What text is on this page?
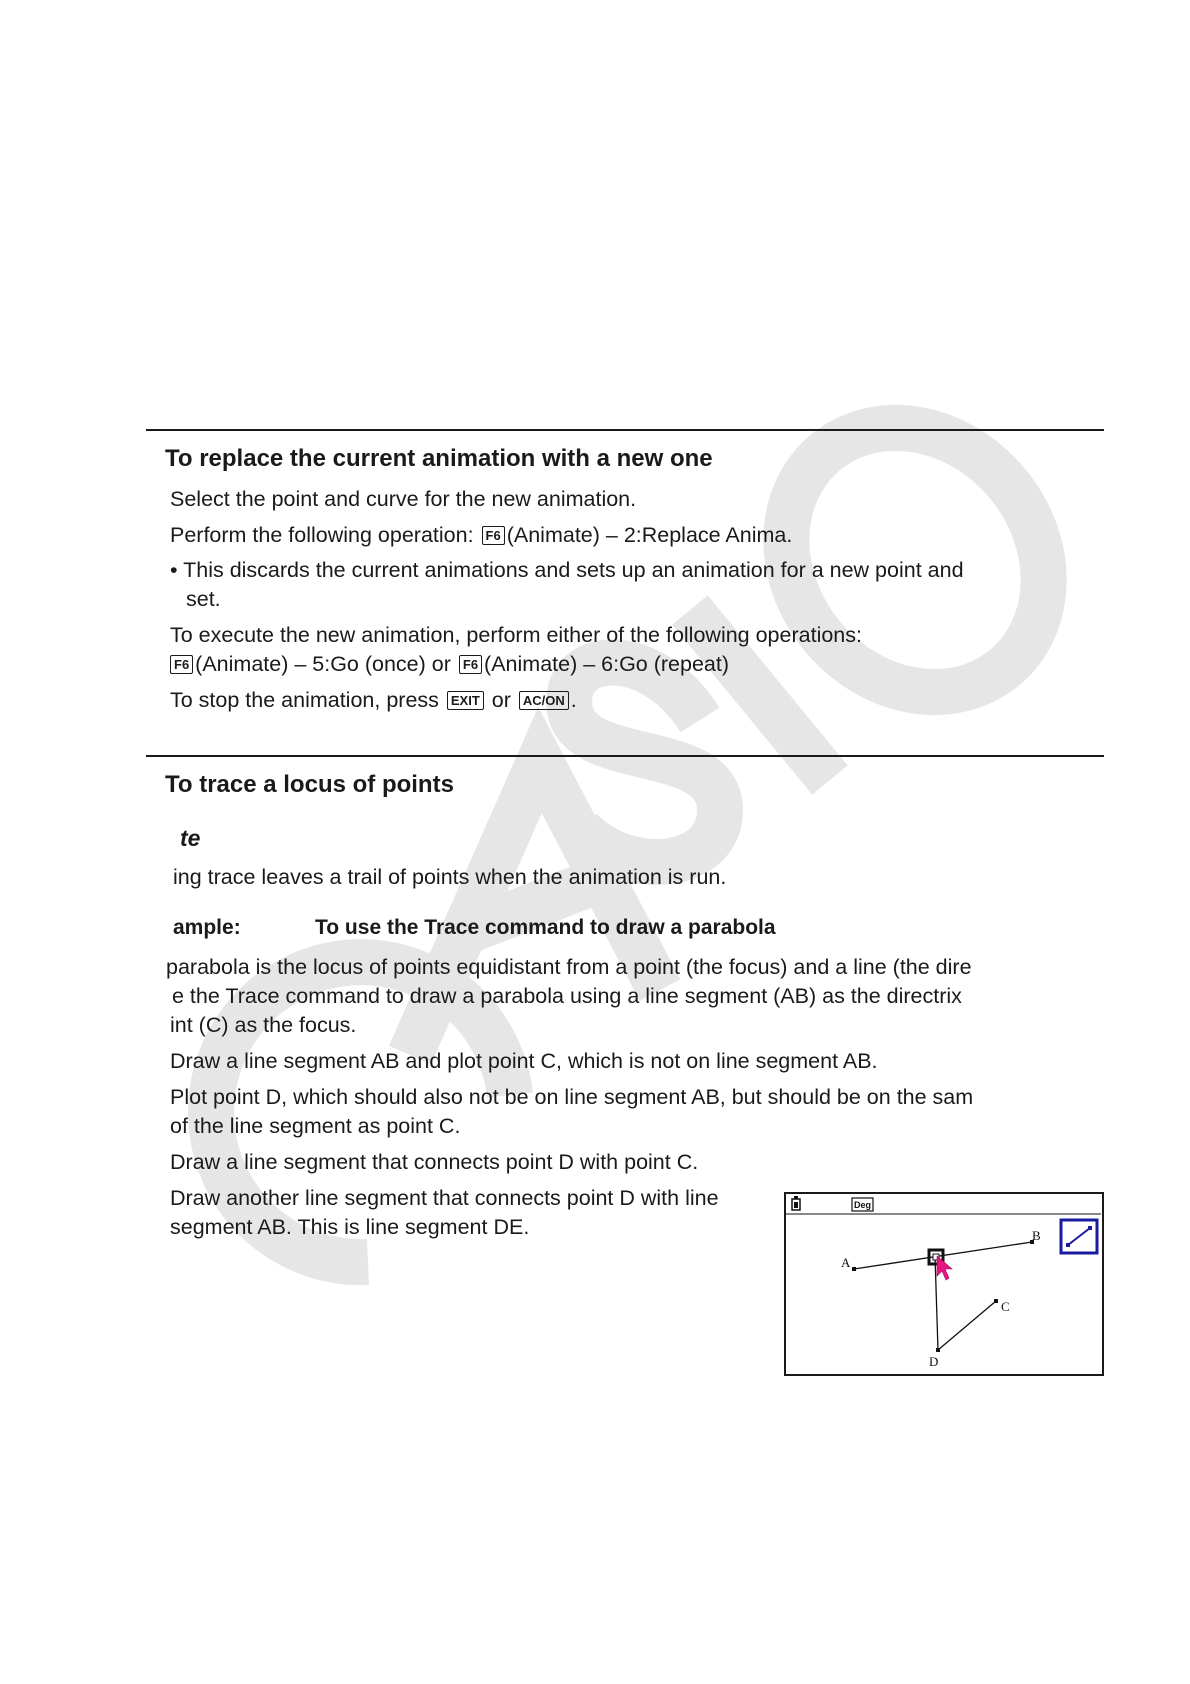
To replace the current animation with a new one
Select the point and curve for the new animation.
Perform the following operation: F6 (Animate) – 2:Replace Anima.
• This discards the current animations and sets up an animation for a new point and
set.
To execute the new animation, perform either of the following operations:
F6 (Animate) – 5:Go (once) or F6 (Animate) – 6:Go (repeat)
To stop the animation, press EXIT or AC/ON .
To trace a locus of points
te
ing trace leaves a trail of points when the animation is run.
ample:	To use the Trace command to draw a parabola
parabola is the locus of points equidistant from a point (the focus) and a line (the dire
e the Trace command to draw a parabola using a line segment (AB) as the directrix
int (C) as the focus.
Draw a line segment AB and plot point C, which is not on line segment AB.
Plot point D, which should also not be on line segment AB, but should be on the sam
of the line segment as point C.
Draw a line segment that connects point D with point C.
Draw another line segment that connects point D with line
segment AB. This is line segment DE.
Deg
A
B
C
D
